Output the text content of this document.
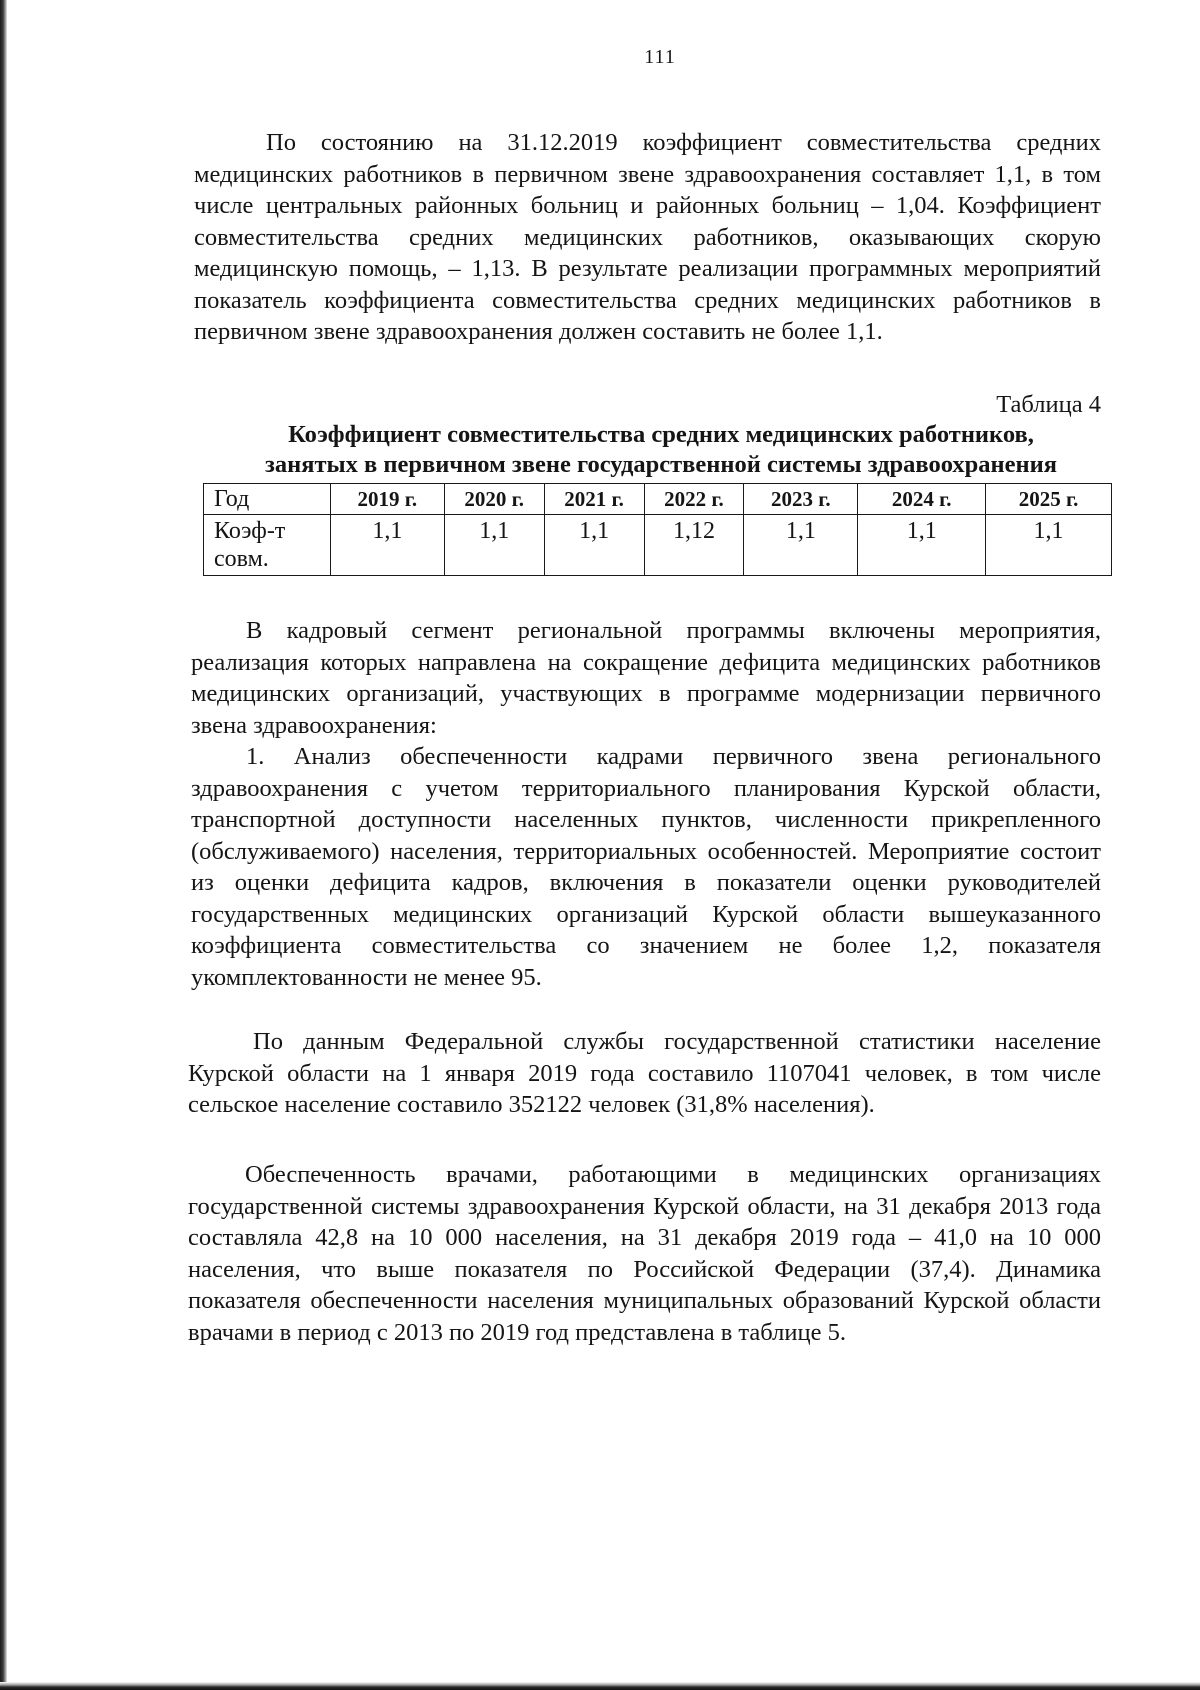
111

По состоянию на 31.12.2019 коэффициент совместительства средних медицинских работников в первичном звене здравоохранения составляет 1,1, в том числе центральных районных больниц и районных больниц – 1,04. Коэффициент совместительства средних медицинских работников, оказывающих скорую медицинскую помощь, – 1,13. В результате реализации программных мероприятий показатель коэффициента совместительства средних медицинских работников в первичном звене здравоохранения должен составить не более 1,1.

Таблица 4
Коэффициент совместительства средних медицинских работников,
занятых в первичном звене государственной системы здравоохранения
Год	2019 г.	2020 г.	2021 г.	2022 г.	2023 г.	2024 г.	2025 г.

Коэф-т
совм.	1,1	1,1	1,1	1,12	1,1	1,1	1,1
В кадровый сегмент региональной программы включены мероприятия, реализация которых направлена на сокращение дефицита медицинских работников медицинских организаций, участвующих в программе модернизации первичного звена здравоохранения:
1. Анализ обеспеченности кадрами первичного звена регионального здравоохранения с учетом территориального планирования Курской области, транспортной доступности населенных пунктов, численности прикрепленного (обслуживаемого) населения, территориальных особенностей. Мероприятие состоит из оценки дефицита кадров, включения в показатели оценки руководителей государственных медицинских организаций Курской области вышеуказанного коэффициента совместительства со значением не более 1,2, показателя укомплектованности не менее 95.

По данным Федеральной службы государственной статистики население Курской области на 1 января 2019 года составило 1107041 человек, в том числе сельское население составило 352122 человек (31,8% населения).

Обеспеченность врачами, работающими в медицинских организациях государственной системы здравоохранения Курской области, на 31 декабря 2013 года составляла 42,8 на 10 000 населения, на 31 декабря 2019 года – 41,0 на 10 000 населения, что выше показателя по Российской Федерации (37,4). Динамика показателя обеспеченности населения муниципальных образований Курской области врачами в период с 2013 по 2019 год представлена в таблице 5.
